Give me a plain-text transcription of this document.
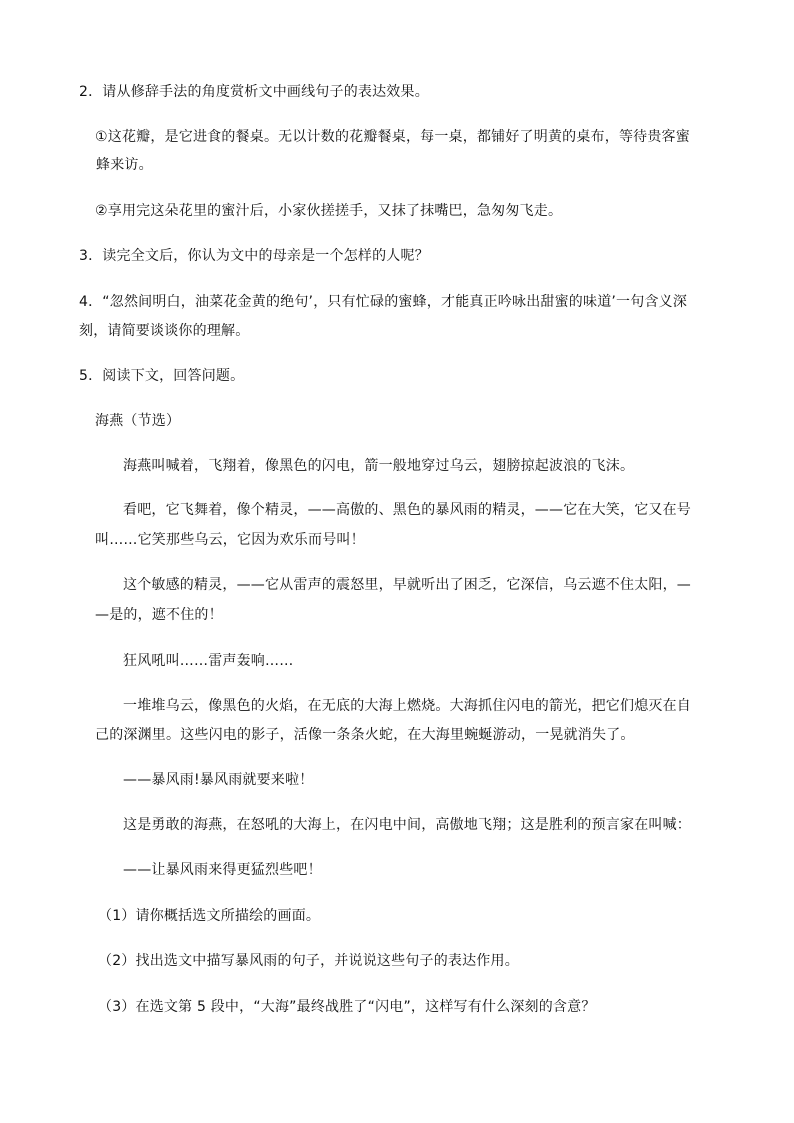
2．请从修辞手法的角度赏析文中画线句子的表达效果。
①这花瓣，是它进食的餐桌。无以计数的花瓣餐桌，每一桌，都铺好了明黄的桌布，等待贵客蜜
蜂来访。
②享用完这朵花里的蜜汁后，小家伙搓搓手，又抹了抹嘴巴，急匆匆飞走。
3．读完全文后，你认为文中的母亲是一个怎样的人呢？
4．“忽然间明白，油菜花金黄的绝句’，只有忙碌的蜜蜂，才能真正吟咏出甜蜜的味道’一句含义深
刻，请简要谈谈你的理解。
5．阅读下文，回答问题。
海燕（节选）
海燕叫喊着，飞翔着，像黑色的闪电，箭一般地穿过乌云，翅膀掠起波浪的飞沫。
看吧，它飞舞着，像个精灵，——高傲的、黑色的暴风雨的精灵，——它在大笑，它又在号
叫……它笑那些乌云，它因为欢乐而号叫！
这个敏感的精灵，——它从雷声的震怒里，早就听出了困乏，它深信，乌云遮不住太阳，—
—是的，遮不住的！
狂风吼叫……雷声轰响……
一堆堆乌云，像黑色的火焰，在无底的大海上燃烧。大海抓住闪电的箭光，把它们熄灭在自
己的深渊里。这些闪电的影子，活像一条条火蛇，在大海里蜿蜒游动，一晃就消失了。
——暴风雨!暴风雨就要来啦！
这是勇敢的海燕，在怒吼的大海上，在闪电中间，高傲地飞翔；这是胜利的预言家在叫喊：
——让暴风雨来得更猛烈些吧！
（1）请你概括选文所描绘的画面。
（2）找出选文中描写暴风雨的句子，并说说这些句子的表达作用。
（3）在选文第 5 段中，“大海”最终战胜了“闪电”，这样写有什么深刻的含意？
